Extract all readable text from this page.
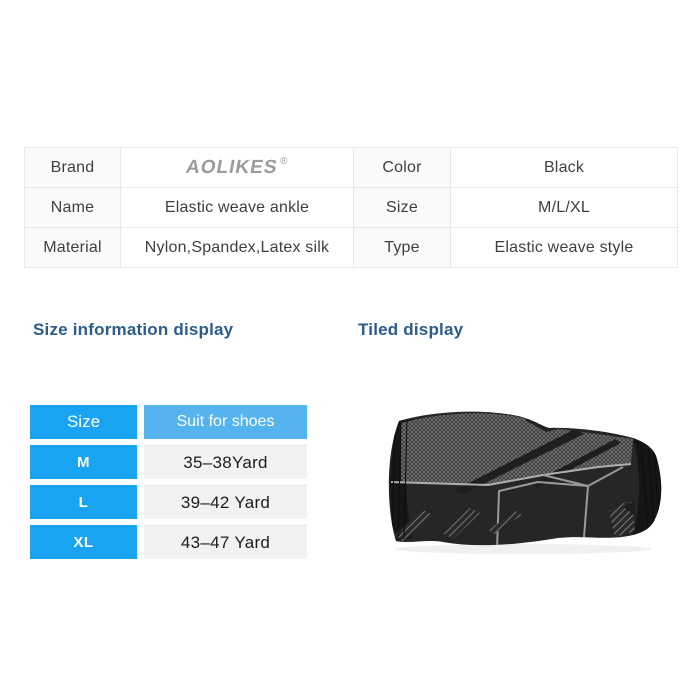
Brand	AOLIKES ®	Color	Black
Name	Elastic weave ankle	Size	M/L/XL
Material	Nylon,Spandex,Latex silk	Type	Elastic weave style
Size information display	Tiled display
Size	Suit for shoes
M	35–38Yard
L	39–42 Yard
XL	43–47 Yard
